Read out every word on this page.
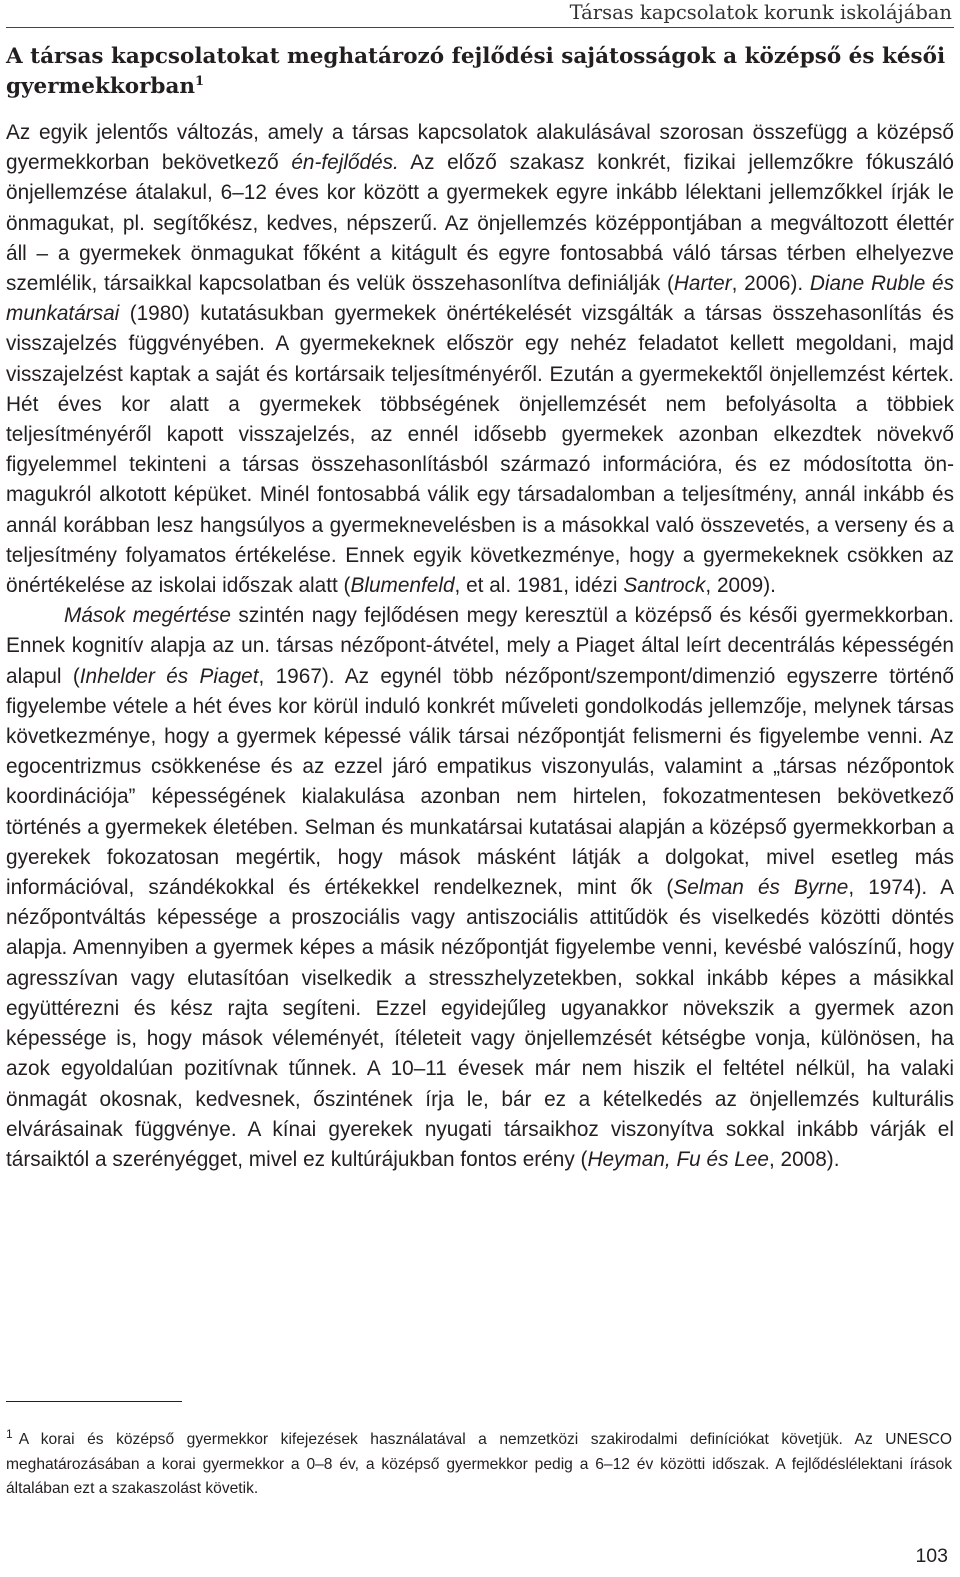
Társas kapcsolatok korunk iskolájában
A társas kapcsolatokat meghatározó fejlődési sajátosságok a középső és késői gyermekkorban$^1$

Az egyik jelentős változás, amely a társas kapcsolatok alakulásával szorosan összefügg a középső gyermekkorban bekövetkező én-fejlődés. Az előző szakasz konkrét, fizikai jellemzőkre fókuszáló önjellemzése átalakul, 6–12 éves kor között a gyermekek egyre inkább lélektani jellemzőkkel írják le önmagukat, pl. segítőkész, kedves, népszerű. Az önjellemzés középpontjában a megváltozott élettér áll – a gyermekek önmagukat főként a kitágult és egyre fontosabbá váló társas térben elhelyezve szemlélik, társaikkal kapcsolatban és velük összehasonlítva definiálják (Harter, 2006). Diane Ruble és munkatársai (1980) kutatásukban gyermekek önértékelését vizsgálták a társas összehasonlítás és visszajelzés függvényében. A gyermekeknek először egy nehéz feladatot kellett megoldani, majd visszajelzést kaptak a saját és kortársaik teljesítményéről. Ezután a gyermekektől önjellemzést kértek. Hét éves kor alatt a gyermekek többségének önjellemzését nem befolyásolta a többiek teljesítményéről kapott visszajelzés, az ennél idősebb gyermekek azonban elkezdtek növekvő figyelemmel tekinteni a társas összehasonlításból származó információra, és ez módosította önmagukról alkotott képüket. Minél fontosabbá válik egy társadalomban a teljesítmény, annál inkább és annál korábban lesz hangsúlyos a gyermeknevelésben is a másokkal való összevetés, a verseny és a teljesítmény folyamatos értékelése. Ennek egyik következménye, hogy a gyermekeknek csökken az önértékelése az iskolai időszak alatt (Blumenfeld, et al. 1981, idézi Santrock, 2009).

Mások megértése szintén nagy fejlődésen megy keresztül a középső és késői gyermekkorban. Ennek kognitív alapja az un. társas nézőpont-átvétel, mely a Piaget által leírt decentrálás képességén alapul (Inhelder és Piaget, 1967). Az egynél több nézőpont/szempont/dimenzió egyszerre történő figyelembe vétele a hét éves kor körül induló konkrét műveleti gondolkodás jellemzője, melynek társas következménye, hogy a gyermek képessé válik társai nézőpontját felismerni és figyelembe venni. Az egocentrizmus csökkenése és az ezzel járó empatikus viszonyulás, valamint a „társas nézőpontok koordinációja” képességének kialakulása azonban nem hirtelen, fokozatmentesen bekövetkező történés a gyermekek életében. Selman és munkatársai kutatásai alapján a középső gyermekkorban a gyerekek fokozatosan megértik, hogy mások másként látják a dolgokat, mivel esetleg más információval, szándékokkal és értékekkel rendelkeznek, mint ők (Selman és Byrne, 1974). A nézőpontváltás képessége a proszociális vagy antiszociális attitűdök és viselkedés közötti döntés alapja. Amennyiben a gyermek képes a másik nézőpontját figyelembe venni, kevésbé valószínű, hogy agresszívan vagy elutasítóan viselkedik a stresszhelyzetekben, sokkal inkább képes a másikkal együttérezni és kész rajta segíteni. Ezzel egyidejűleg ugyanakkor növekszik a gyermek azon képessége is, hogy mások véleményét, ítéleteit vagy önjellemzését kétségbe vonja, különösen, ha azok egyoldalúan pozitívnak tűnnek. A 10–11 évesek már nem hiszik el feltétel nélkül, ha valaki önmagát okosnak, kedvesnek, őszintének írja le, bár ez a kételkedés az önjellemzés kulturális elvárásainak függvénye. A kínai gyerekek nyugati társaikhoz viszonyítva sokkal inkább várják el társaiktól a szerényégget, mivel ez kultúrájukban fontos erény (Heyman, Fu és Lee, 2008).

$^1$ A korai és középső gyermekkor kifejezések használatával a nemzetközi szakirodalmi definíciókat követjük. Az UNESCO meghatározásában a korai gyermekkor a 0–8 év, a középső gyermekkor pedig a 6–12 év közötti időszak. A fejlődéslélektani írások általában ezt a szakaszolást követik.
103
